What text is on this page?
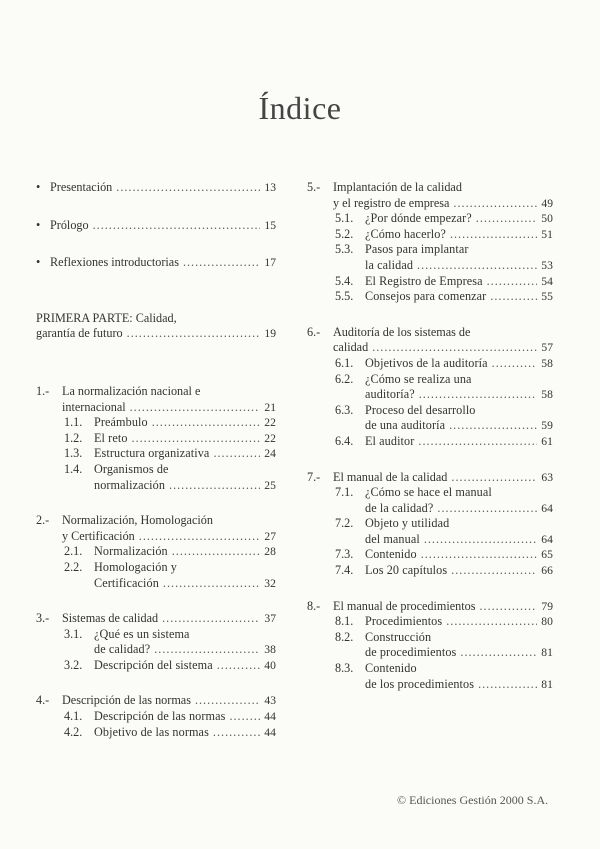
Índice
• Presentación .....	13
• Prólogo .....	15
• Reflexiones introductorias .....	17
PRIMERA PARTE: Calidad,
garantía de futuro .....	19
1.- La normalización nacional e
internacional .....	21
1.1. Preámbulo .....	22
1.2. El reto .....	22
1.3. Estructura organizativa .....	24
1.4. Organismos de
normalización .....	25
2.- Normalización, Homologación
y Certificación .....	27
2.1. Normalización .....	28
2.2. Homologación y
Certificación .....	32
3.- Sistemas de calidad .....	37
3.1. ¿Qué es un sistema
de calidad? .....	38
3.2. Descripción del sistema .....	40
4.- Descripción de las normas .....	43
4.1. Descripción de las normas .....	44
4.2. Objetivo de las normas .....	44
5.- Implantación de la calidad
y el registro de empresa .....	49
5.1. ¿Por dónde empezar? .....	50
5.2. ¿Cómo hacerlo? .....	51
5.3. Pasos para implantar
la calidad .....	53
5.4. El Registro de Empresa .....	54
5.5. Consejos para comenzar .....	55
6.- Auditoría de los sistemas de
calidad .....	57
6.1. Objetivos de la auditoría .....	58
6.2. ¿Cómo se realiza una
auditoría? .....	58
6.3. Proceso del desarrollo
de una auditoría .....	59
6.4. El auditor .....	61
7.- El manual de la calidad .....	63
7.1. ¿Cómo se hace el manual
de la calidad? .....	64
7.2. Objeto y utilidad
del manual .....	64
7.3. Contenido .....	65
7.4. Los 20 capítulos .....	66
8.- El manual de procedimientos .....	79
8.1. Procedimientos .....	80
8.2. Construcción
de procedimientos .....	81
8.3. Contenido
de los procedimientos .....	81
© Ediciones Gestión 2000 S.A.
